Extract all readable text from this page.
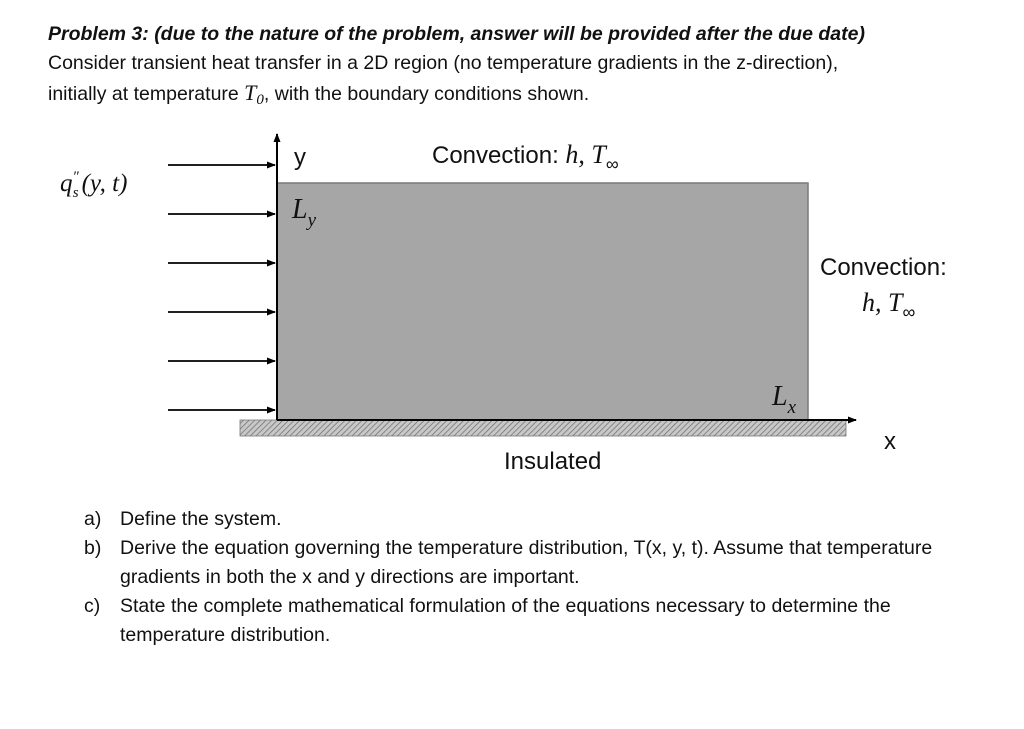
Problem 3: (due to the nature of the problem, answer will be provided after the due date)
Consider transient heat transfer in a 2D region (no temperature gradients in the z-direction),
initially at temperature $T_0$, with the boundary conditions shown.
$q''_s$ (y, t)
y
x
$L_y$
$L_x$
Convection: h, $T_\infty$
Convection:
h, $T_\infty$
Insulated
a) Define the system.
b) Derive the equation governing the temperature distribution, T(x, y, t). Assume that temperature gradients in both the x and y directions are important.
c)	State the complete mathematical formulation of the equations necessary to determine the temperature distribution.
